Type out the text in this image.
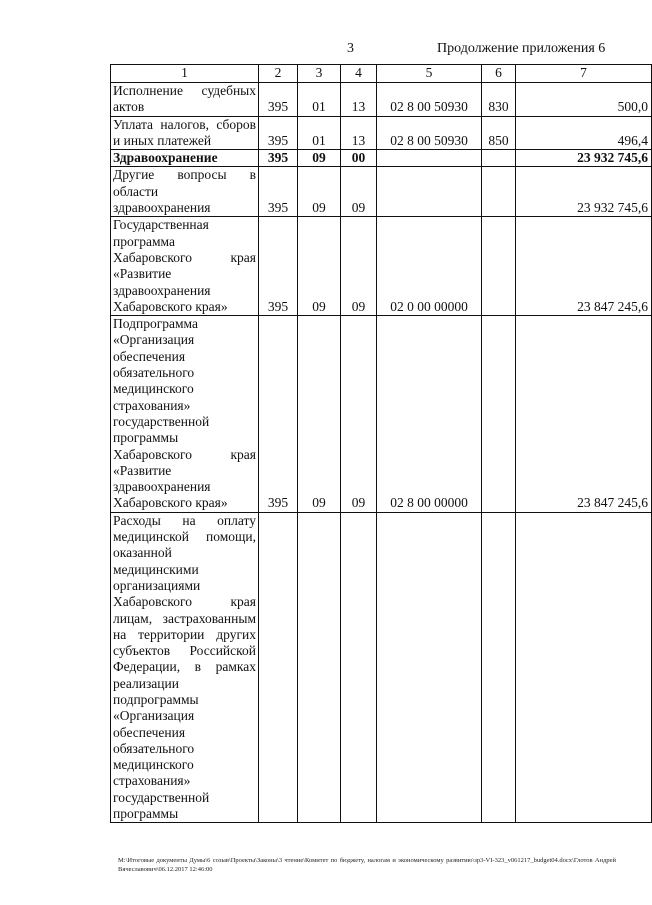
3	Продолжение приложения 6
1	2	3	4	5	6	7
Исполнение судебных актов	395	01	13	02 8 00 50930	830	500,0
Уплата налогов, сборов и иных платежей	395	01	13	02 8 00 50930	850	496,4
Здравоохранение	395	09	00			23 932 745,6
Другие вопросы в области здравоохранения	395	09	09			23 932 745,6
Государственная программа Хабаровского края «Развитие здравоохранения Хабаровского края»	395	09	09	02 0 00 00000		23 847 245,6
Подпрограмма «Организация обеспечения обязательного медицинского страхования» государственной программы Хабаровского края «Развитие здравоохранения Хабаровского края»	395	09	09	02 8 00 00000		23 847 245,6
Расходы на оплату медицинской помощи, оказанной медицинскими организациями Хабаровского края лицам, застрахованным на территории других субъектов Российской Федерации, в рамках реализации подпрограммы «Организация обеспечения обязательного медицинского страхования» государственной программы						
M:\Итоговые документы Думы\6 созыв\Проекты\Законы\3 чтение\Комитет по бюджету, налогам и экономическому развитию\зр3-VI-323_v061217_budget04.docx\Глотов Андрей Вячеславович\06.12.2017 12:46:00
